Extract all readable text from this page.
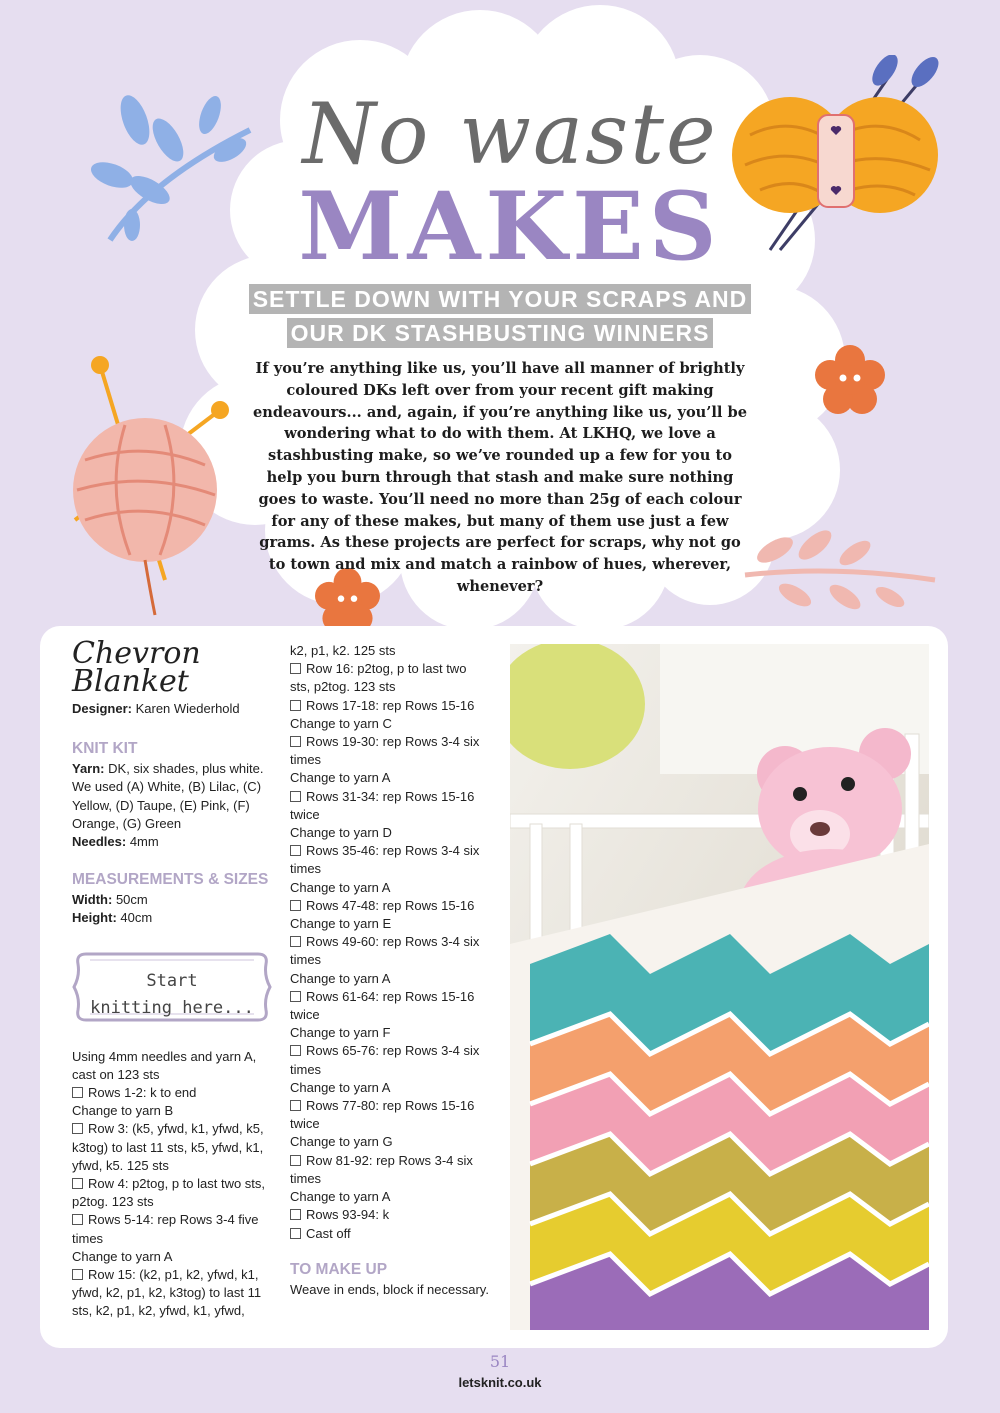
No waste
MAKES
SETTLE DOWN WITH YOUR SCRAPS AND
OUR DK STASHBUSTING WINNERS
If you’re anything like us, you’ll have all manner of brightly coloured DKs left over from your recent gift making endeavours... and, again, if you’re anything like us, you’ll be wondering what to do with them. At LKHQ, we love a stashbusting make, so we’ve rounded up a few for you to help you burn through that stash and make sure nothing goes to waste. You’ll need no more than 25g of each colour for any of these makes, but many of them use just a few grams. As these projects are perfect for scraps, why not go to town and mix and match a rainbow of hues, wherever, whenever?
Chevron
Blanket
Designer: Karen Wiederhold
KNIT KIT
Yarn: DK, six shades, plus white. We used (A) White, (B) Lilac, (C) Yellow, (D) Taupe, (E) Pink, (F) Orange, (G) Green
Needles: 4mm
MEASUREMENTS & SIZES
Width: 50cm
Height: 40cm
Start
knitting here...
Using 4mm needles and yarn A, cast on 123 sts
Rows 1-2: k to end
Change to yarn B
Row 3: (k5, yfwd, k1, yfwd, k5, k3tog) to last 11 sts, k5, yfwd, k1, yfwd, k5. 125 sts
Row 4: p2tog, p to last two sts, p2tog. 123 sts
Rows 5-14: rep Rows 3-4 five times
Change to yarn A
Row 15: (k2, p1, k2, yfwd, k1, yfwd, k2, p1, k2, k3tog) to last 11 sts, k2, p1, k2, yfwd, k1, yfwd,
k2, p1, k2. 125 sts
Row 16: p2tog, p to last two sts, p2tog. 123 sts
Rows 17-18: rep Rows 15-16
Change to yarn C
Rows 19-30: rep Rows 3-4 six times
Change to yarn A
Rows 31-34: rep Rows 15-16 twice
Change to yarn D
Rows 35-46: rep Rows 3-4 six times
Change to yarn A
Rows 47-48: rep Rows 15-16
Change to yarn E
Rows 49-60: rep Rows 3-4 six times
Change to yarn A
Rows 61-64: rep Rows 15-16 twice
Change to yarn F
Rows 65-76: rep Rows 3-4 six times
Change to yarn A
Rows 77-80: rep Rows 15-16 twice
Change to yarn G
Row 81-92: rep Rows 3-4 six times
Change to yarn A
Rows 93-94: k
Cast off
TO MAKE UP
Weave in ends, block if necessary.
51
letsknit.co.uk
